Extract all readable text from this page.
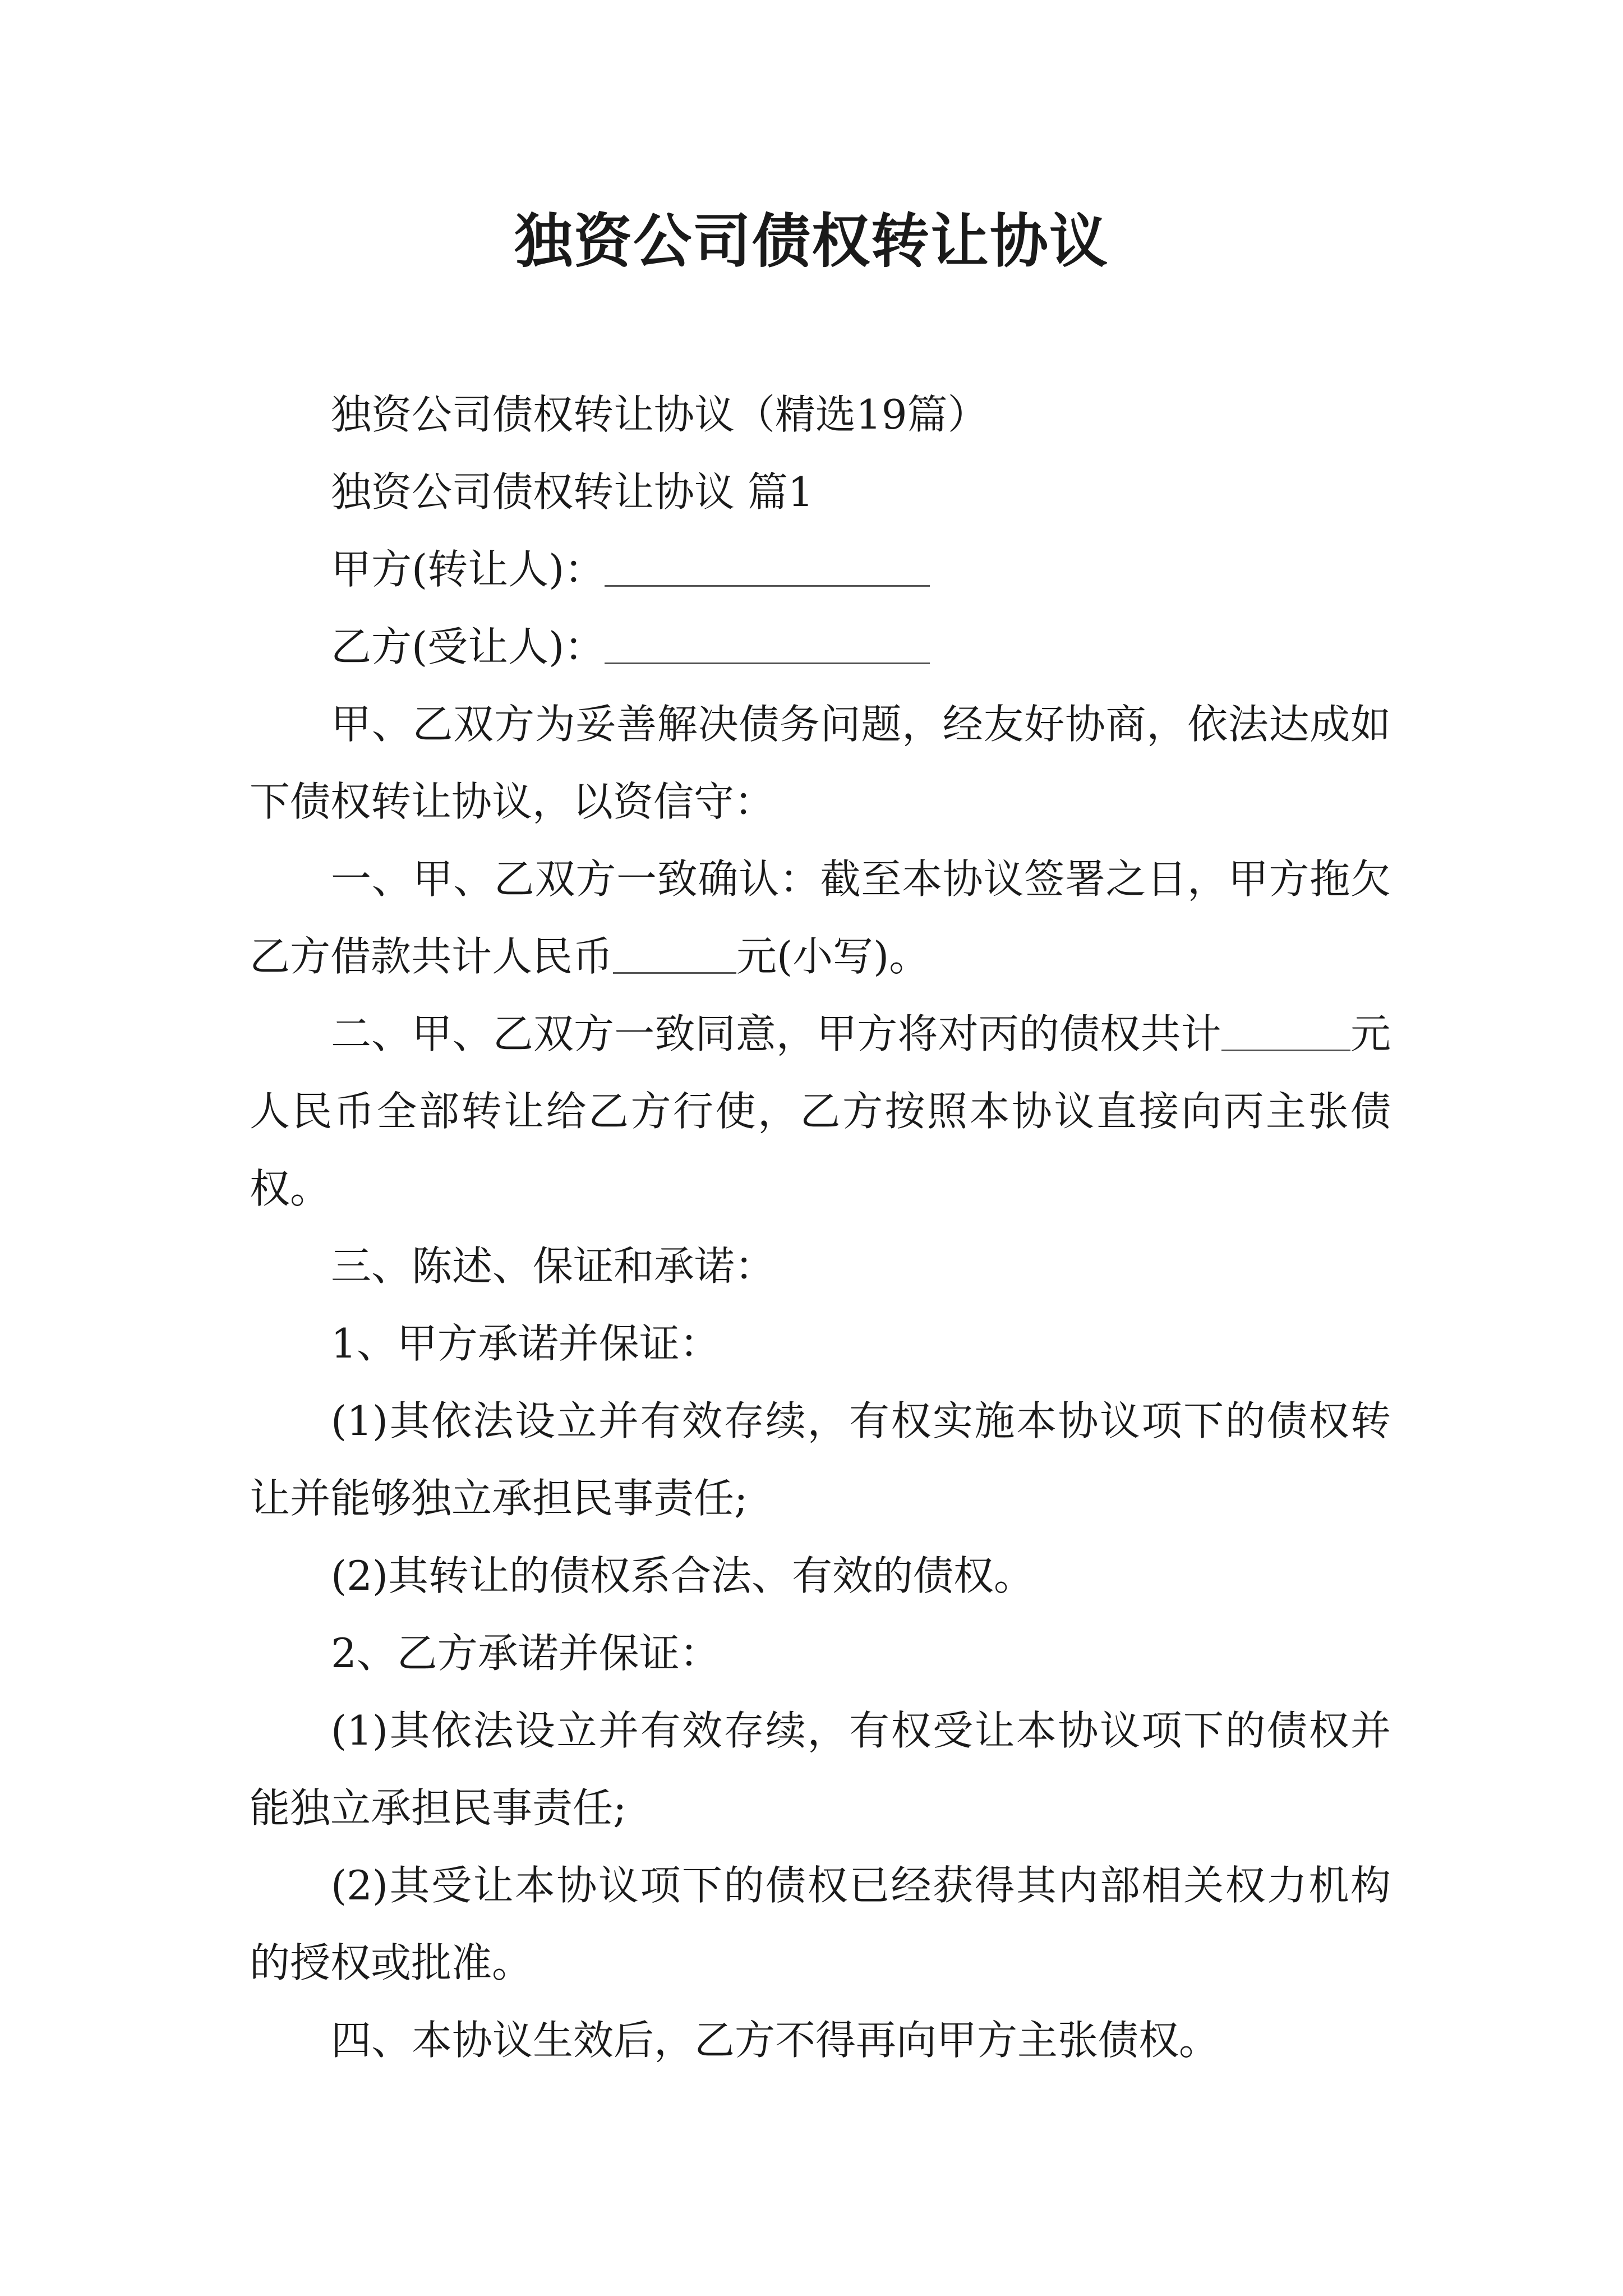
独资公司债权转让协议

独资公司债权转让协议（精选19篇）

独资公司债权转让协议 篇1

甲方(转让人)：

乙方(受让人)：

甲、乙双方为妥善解决债务问题，经友好协商，依法达成如下债权转让协议，以资信守：

一、甲、乙双方一致确认：截至本协议签署之日，甲方拖欠乙方借款共计人民币	元(小写)。

二、甲、乙双方一致同意，甲方将对丙的债权共计	元人民币全部转让给乙方行使，乙方按照本协议直接向丙主张债权。

三、陈述、保证和承诺：

1、甲方承诺并保证：

(1)其依法设立并有效存续，有权实施本协议项下的债权转让并能够独立承担民事责任;

(2)其转让的债权系合法、有效的债权。

2、乙方承诺并保证：

(1)其依法设立并有效存续，有权受让本协议项下的债权并能独立承担民事责任;

(2)其受让本协议项下的债权已经获得其内部相关权力机构的授权或批准。

四、本协议生效后，乙方不得再向甲方主张债权。
